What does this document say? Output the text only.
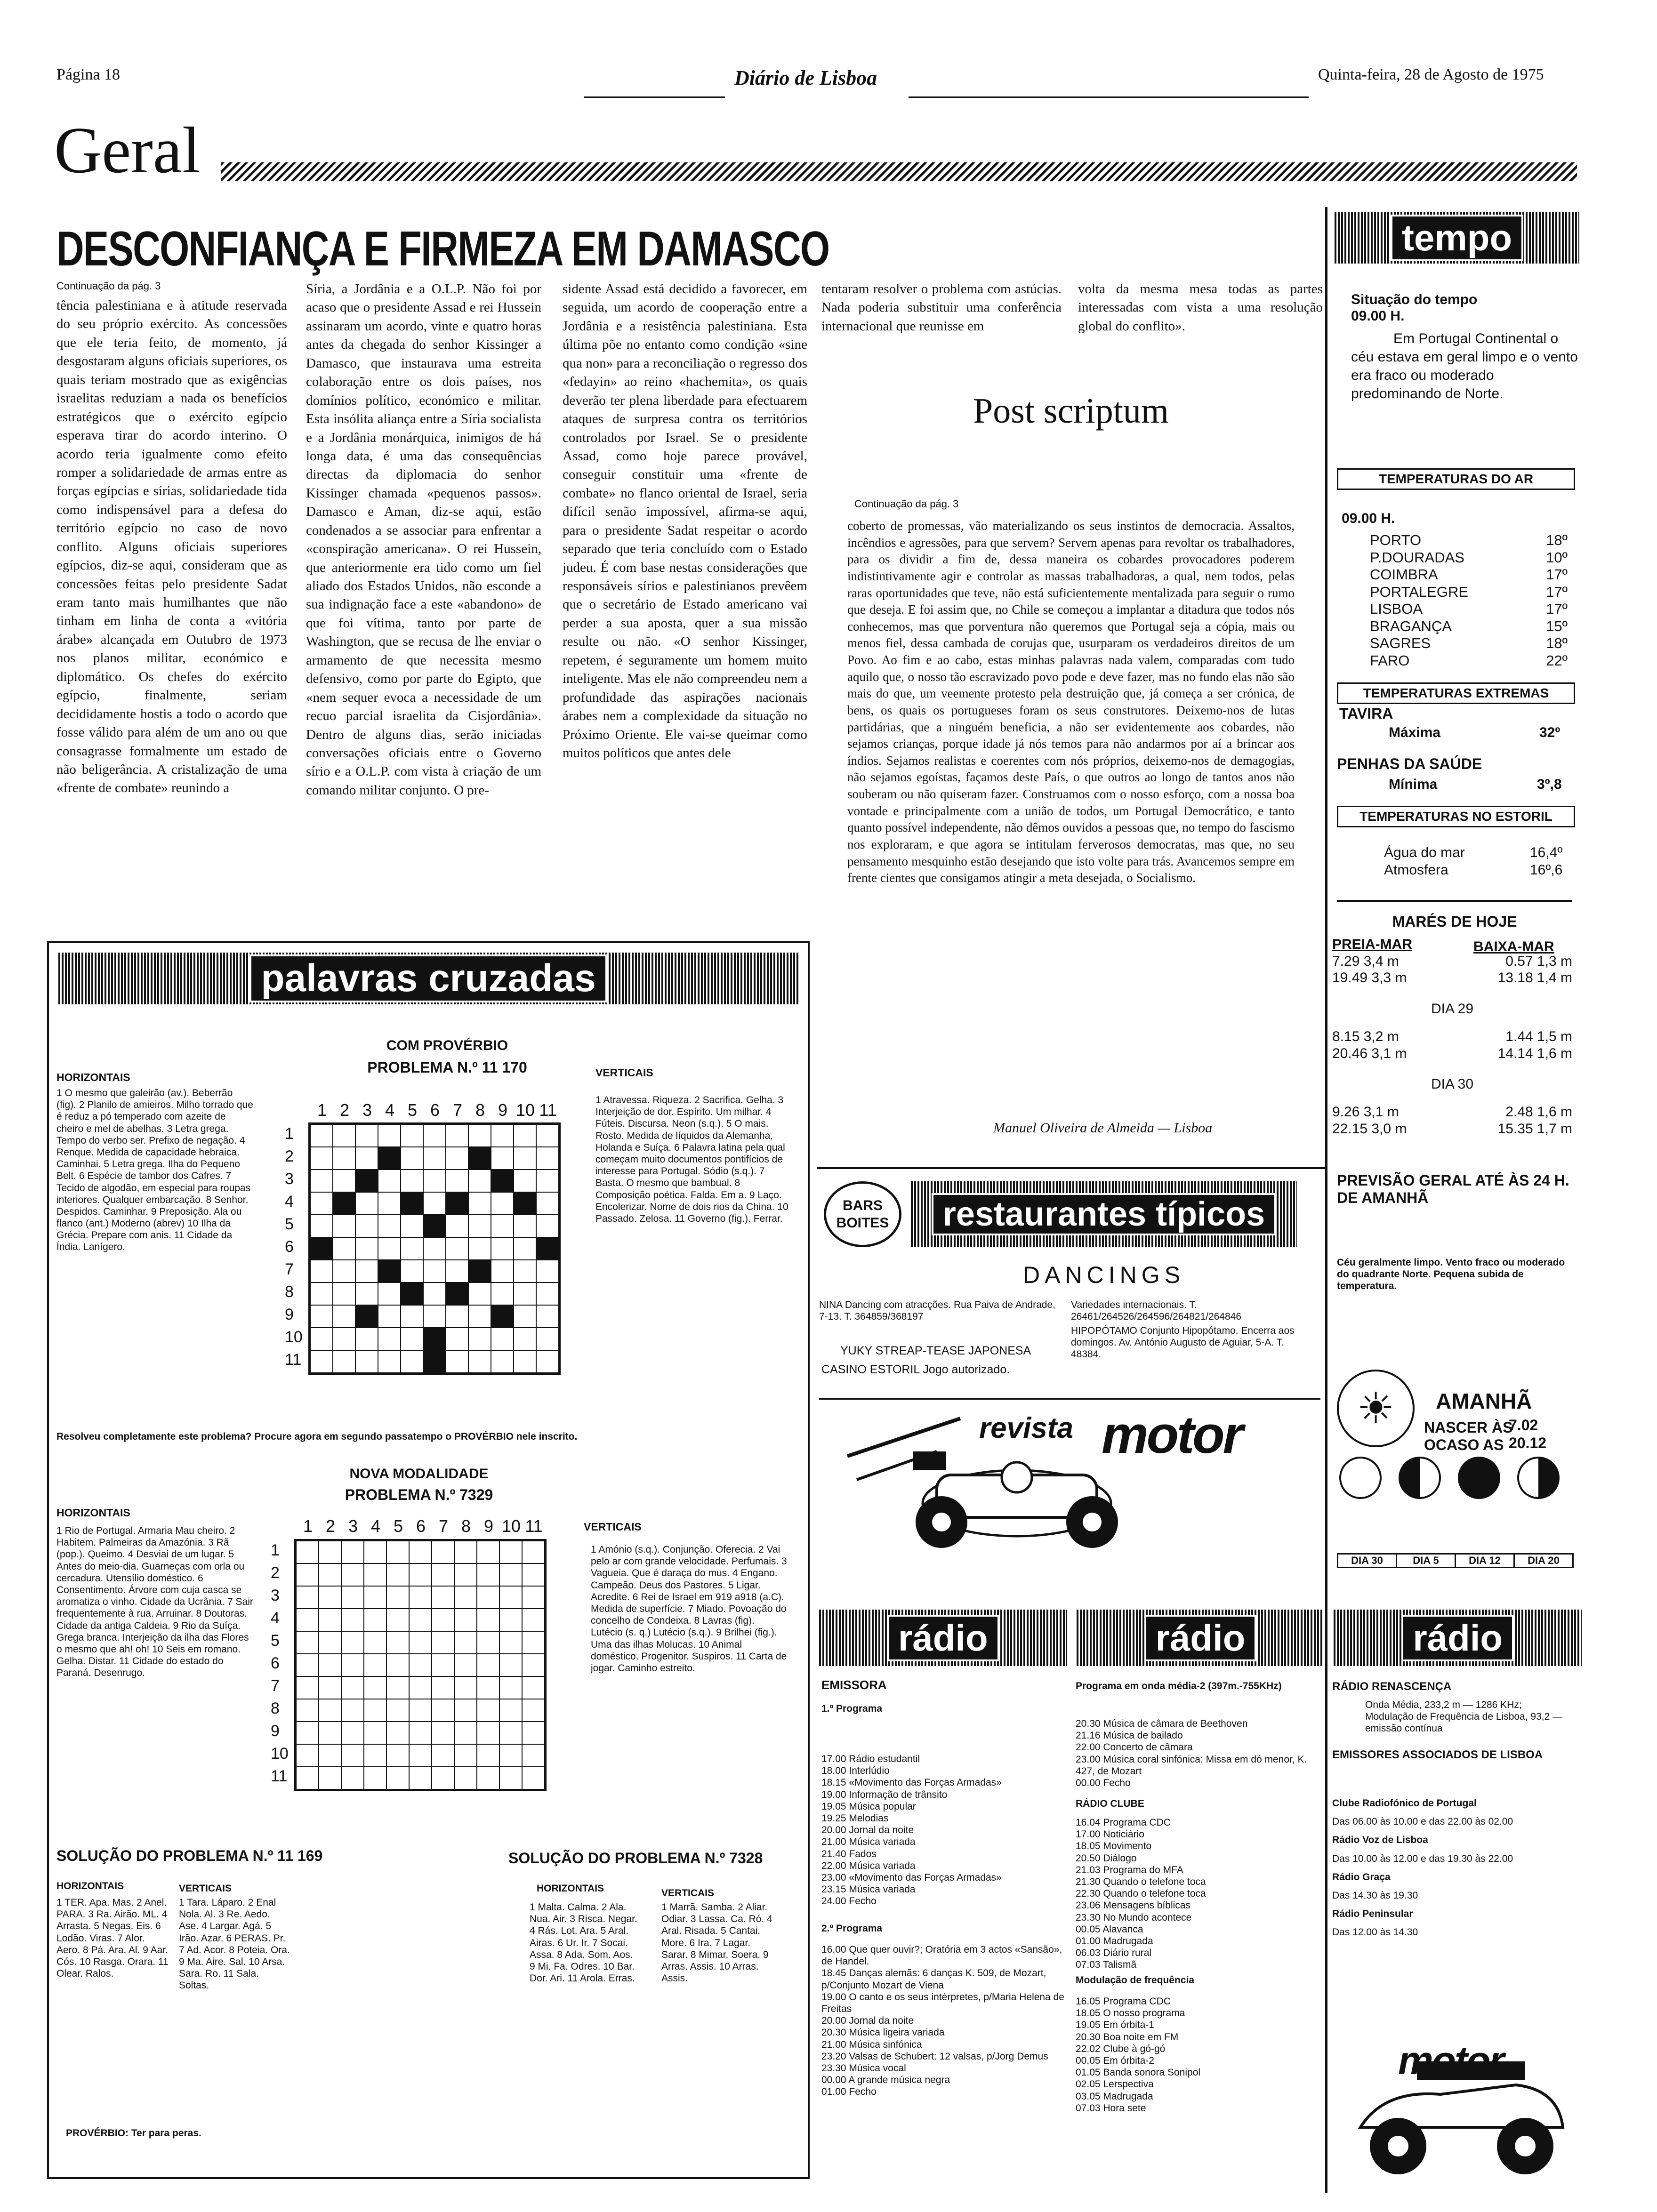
Página 18	Diário de Lisboa	Quinta-feira, 28 de Agosto de 1975
Geral
DESCONFIANÇA E FIRMEZA EM DAMASCO
Continuação da pág. 3
tência palestiniana e à atitude reservada do seu próprio exército. As concessões que ele teria feito, de momento, já desgostaram alguns oficiais superiores, os quais teriam mostrado que as exigências israelitas reduziam a nada os benefícios estratégicos que o exército egípcio esperava tirar do acordo interino. O acordo teria igualmente como efeito romper a solidariedade de armas entre as forças egípcias e sírias, solidariedade tida como indispensável para a defesa do território egípcio no caso de novo conflito. Alguns oficiais superiores egípcios, diz-se aqui, consideram que as concessões feitas pelo presidente Sadat eram tanto mais humilhantes que não tinham em linha de conta a «vitória árabe» alcançada em Outubro de 1973 nos planos militar, económico e diplomático. Os chefes do exército egípcio, finalmente, seriam decididamente hostis a todo o acordo que fosse válido para além de um ano ou que consagrasse formalmente um estado de não beligerância. A cristalização de uma «frente de combate» reunindo a
Síria, a Jordânia e a O.L.P. Não foi por acaso que o presidente Assad e rei Hussein assinaram um acordo, vinte e quatro horas antes da chegada do senhor Kissinger a Damasco, que instaurava uma estreita colaboração entre os dois países, nos domínios político, económico e militar. Esta insólita aliança entre a Síria socialista e a Jordânia monárquica, inimigos de há longa data, é uma das consequências directas da diplomacia do senhor Kissinger chamada «pequenos passos». Damasco e Aman, diz-se aqui, estão condenados a se associar para enfrentar a «conspiração americana». O rei Hussein, que anteriormente era tido como um fiel aliado dos Estados Unidos, não esconde a sua indignação face a este «abandono» de que foi vítima, tanto por parte de Washington, que se recusa de lhe enviar o armamento de que necessita mesmo defensivo, como por parte do Egipto, que «nem sequer evoca a necessidade de um recuo parcial israelita da Cisjordânia». Dentro de alguns dias, serão iniciadas conversações oficiais entre o Governo sírio e a O.L.P. com vista à criação de um comando militar conjunto. O pre-
sidente Assad está decidido a favorecer, em seguida, um acordo de cooperação entre a Jordânia e a resistência palestiniana. Esta última põe no entanto como condição «sine qua non» para a reconciliação o regresso dos «fedayin» ao reino «hachemita», os quais deverão ter plena liberdade para efectuarem ataques de surpresa contra os territórios controlados por Israel. Se o presidente Assad, como hoje parece provável, conseguir constituir uma «frente de combate» no flanco oriental de Israel, seria difícil senão impossível, afirma-se aqui, para o presidente Sadat respeitar o acordo separado que teria concluído com o Estado judeu. É com base nestas considerações que responsáveis sírios e palestinianos prevêem que o secretário de Estado americano vai perder a sua aposta, quer a sua missão resulte ou não. «O senhor Kissinger, repetem, é seguramente um homem muito inteligente. Mas ele não compreendeu nem a profundidade das aspirações nacionais árabes nem a complexidade da situação no Próximo Oriente. Ele vai-se queimar como muitos políticos que antes dele
tentaram resolver o problema com astúcias. Nada poderia substituir uma conferência internacional que reunisse em
volta da mesma mesa todas as partes interessadas com vista a uma resolução global do conflito».
Post scriptum
Continuação da pág. 3
coberto de promessas, vão materializando os seus instintos de democracia. Assaltos, incêndios e agressões, para que servem? Servem apenas para revoltar os trabalhadores, para os dividir a fim de, dessa maneira os cobardes provocadores poderem indistintivamente agir e controlar as massas trabalhadoras, a qual, nem todos, pelas raras oportunidades que teve, não está suficientemente mentalizada para seguir o rumo que deseja. E foi assim que, no Chile se começou a implantar a ditadura que todos nós conhecemos, mas que porventura não queremos que Portugal seja a cópia, mais ou menos fiel, dessa cambada de corujas que, usurparam os verdadeiros direitos de um Povo. Ao fim e ao cabo, estas minhas palavras nada valem, comparadas com tudo aquilo que, o nosso tão escravizado povo pode e deve fazer, mas no fundo elas não são mais do que, um veemente protesto pela destruição que, já começa a ser crónica, de bens, os quais os portugueses foram os seus construtores. Deixemo-nos de lutas partidárias, que a ninguém beneficia, a não ser evidentemente aos cobardes, não sejamos crianças, porque idade já nós temos para não andarmos por aí a brincar aos índios. Sejamos realistas e coerentes com nós próprios, deixemo-nos de demagogias, não sejamos egoístas, façamos deste País, o que outros ao longo de tantos anos não souberam ou não quiseram fazer. Construamos com o nosso esforço, com a nossa boa vontade e principalmente com a união de todos, um Portugal Democrático, e tanto quanto possível independente, não dêmos ouvidos a pessoas que, no tempo do fascismo nos exploraram, e que agora se intitulam ferverosos democratas, mas que, no seu pensamento mesquinho estão desejando que isto volte para trás. Avancemos sempre em frente cientes que consigamos atingir a meta desejada, o Socialismo.
Manuel Oliveira de Almeida — Lisboa
palavras cruzadas
COM PROVÉRBIO
PROBLEMA N.º 11 170
HORIZONTAIS
1 O mesmo que galeirão (av.). Beberrão (fig). 2 Planilo de amieiros. Milho torrado que é reduz a pó temperado com azeite de cheiro e mel de abelhas. 3 Letra grega. Tempo do verbo ser. Prefixo de negação. 4 Renque. Medida de capacidade hebraica. Caminhai. 5 Letra grega. Ilha do Pequeno Belt. 6 Espécie de tambor dos Cafres. 7 Tecido de algodão, em especial para roupas interiores. Qualquer embarcação. 8 Senhor. Despidos. Caminhar. 9 Preposição. Ala ou flanco (ant.) Moderno (abrev) 10 Ilha da Grécia. Prepare com anis. 11 Cidade da Índia. Lanígero.
VERTICAIS
1 Atravessa. Riqueza. 2 Sacrifica. Gelha. 3 Interjeição de dor. Espírito. Um milhar. 4 Fúteis. Discursa. Neon (s.q.). 5 O mais. Rosto. Medida de líquidos da Alemanha, Holanda e Suíça. 6 Palavra latina pela qual começam muito documentos pontifícios de interesse para Portugal. Sódio (s.q.). 7 Basta. O mesmo que bambual. 8 Composição poética. Falda. Em a. 9 Laço. Encolerizar. Nome de dois rios da China. 10 Passado. Zelosa. 11 Governo (fig.). Ferrar.
1 2 3 4 5 6 7 8 9 10 11
1
2
3
4
5
6
7
8
9
10
11
Resolveu completamente este problema? Procure agora em segundo passatempo o PROVÉRBIO nele inscrito.
NOVA MODALIDADE
PROBLEMA N.º 7329
HORIZONTAIS
1 Rio de Portugal. Armaria Mau cheiro. 2 Habitem. Palmeiras da Amazónia. 3 Rã (pop.). Queimo. 4 Desviai de um lugar. 5 Antes do meio-dia. Guarneças com orla ou cercadura. Utensílio doméstico. 6 Consentimento. Árvore com cuja casca se aromatiza o vinho. Cidade da Ucrânia. 7 Sair frequentemente à rua. Arruinar. 8 Doutoras. Cidade da antiga Caldeia. 9 Rio da Suíça. Grega branca. Interjeição da ilha das Flores o mesmo que ah! oh! 10 Seis em romano. Gelha. Distar. 11 Cidade do estado do Paraná. Desenrugo.
VERTICAIS
1 Amónio (s.q.). Conjunção. Oferecia. 2 Vai pelo ar com grande velocidade. Perfumais. 3 Vagueia. Que é daraça do mus. 4 Engano. Campeão. Deus dos Pastores. 5 Ligar. Acredite. 6 Rei de Israel em 919 a918 (a.C). Medida de superfície. 7 Miado. Povoação do concelho de Condeixa. 8 Lavras (fig). Lutécio (s. q.) Lutécio (s.q.). 9 Brilhei (fig.). Uma das ilhas Molucas. 10 Animal doméstico. Progenitor. Suspiros. 11 Carta de jogar. Caminho estreito.
1 2 3 4 5 6 7 8 9 10 11
1
2
3
4
5
6
7
8
9
10
11
SOLUÇÃO DO PROBLEMA N.º 11 169
HORIZONTAIS
1 TER. Apa. Mas. 2 Anel. PARA. 3 Ra. Airão. ML. 4 Arrasta. 5 Negas. Eis. 6 Lodão. Viras. 7 Alor. Aero. 8 Pá. Ara. Al. 9 Aar. Cós. 10 Rasga. Orara. 11 Olear. Ralos.
VERTICAIS
1 Tara. Láparo. 2 Enal Nola. Al. 3 Re. Aedo. Ase. 4 Largar. Agá. 5 Irão. Azar. 6 PERAS. Pr. 7 Ad. Acor. 8 Poteia. Ora. 9 Ma. Aire. Sal. 10 Arsa. Sara. Ro. 11 Sala. Soltas.
PROVÉRBIO: Ter para peras.
SOLUÇÃO DO PROBLEMA N.º 7328
HORIZONTAIS
1 Malta. Calma. 2 Ala. Nua. Air. 3 Risca. Negar. 4 Rás. Lot. Ara. 5 Aral. Airas. 6 Ur. Ir. 7 Socai. Assa. 8 Ada. Som. Aos. 9 Mi. Fa. Odres. 10 Bar. Dor. Ari. 11 Arola. Erras.
VERTICAIS
1 Marrã. Samba. 2 Aliar. Odiar. 3 Lassa. Ca. Ró. 4 Aral. Risada. 5 Cantai. More. 6 Ira. 7 Lagar. Sarar. 8 Mimar. Soera. 9 Arras. Assis. 10 Arras. Assis.
tempo
Situação do tempo
09.00 H.
Em Portugal Continental o céu estava em geral limpo e o vento era fraco ou moderado predominando de Norte.
TEMPERATURAS DO AR
09.00 H.
PORTO	18º
P.DOURADAS	10º
COIMBRA	17º
PORTALEGRE	17º
LISBOA	17º
BRAGANÇA	15º
SAGRES	18º
FARO	22º
TEMPERATURAS EXTREMAS
TAVIRA
Máxima	32º
PENHAS DA SAÚDE
Mínima	3º,8
TEMPERATURAS NO ESTORIL
Água do mar	16,4º
Atmosfera	16º,6
MARÉS DE HOJE
PREIA-MAR	BAIXA-MAR
7.29 3,4 m	0.57 1,3 m
19.49 3,3 m	13.18 1,4 m
DIA 29
8.15 3,2 m	1.44 1,5 m
20.46 3,1 m	14.14 1,6 m
DIA 30
9.26 3,1 m	2.48 1,6 m
22.15 3,0 m	15.35 1,7 m
PREVISÃO GERAL ATÉ ÀS 24 H. DE AMANHÃ
Céu geralmente limpo. Vento fraco ou moderado do quadrante Norte. Pequena subida de temperatura.
☀	AMANHÃ
NASCER ÀS
7.02
OCASO AS 20.12
DIA 30	DIA 5	DIA 12	DIA 20
BARS
BOITES	restaurantes típicos
DANCINGS
NINA Dancing com atracções. Rua Paiva de Andrade, 7-13. T. 364859/368197
YUKY STREAP-TEASE JAPONESA
CASINO ESTORIL Jogo autorizado.
Variedades internacionais. T. 26461/264526/264596/264821/264846
HIPOPÓTAMO Conjunto Hipopótamo. Encerra aos domingos. Av. António Augusto de Aguiar, 5-A. T. 48384.
revista motor
rádio	rádio	rádio
EMISSORA
1.º Programa
17.00 Rádio estudantil
18.00 Interlúdio
18.15 «Movimento das Forças Armadas»
19.00 Informação de trânsito
19.05 Música popular
19.25 Melodias
20.00 Jornal da noite
21.00 Música variada
21.40 Fados
22.00 Música variada
23.00 «Movimento das Forças Armadas»
23.15 Música variada
24.00 Fecho
2.º Programa
16.00 Que quer ouvir?; Oratória em 3 actos «Sansão», de Handel.
18.45 Danças alemãs: 6 danças K. 509, de Mozart, p/Conjunto Mozart de Viena
19.00 O canto e os seus intérpretes, p/Maria Helena de Freitas
20.00 Jornal da noite
20.30 Música ligeira variada
21.00 Música sinfónica
23.20 Valsas de Schubert: 12 valsas, p/Jorg Demus
23.30 Música vocal
00.00 A grande música negra
01.00 Fecho
Programa em onda média-2 (397m.-755KHz)
20.30 Música de câmara de Beethoven
21.16 Música de bailado
22.00 Concerto de câmara
23.00 Música coral sinfónica: Missa em dó menor, K. 427, de Mozart
00.00 Fecho
RÁDIO CLUBE
16.04 Programa CDC
17.00 Noticiário
18.05 Movimento
20.50 Diálogo
21.03 Programa do MFA
21.30 Quando o telefone toca
22.30 Quando o telefone toca
23.06 Mensagens bíblicas
23.30 No Mundo acontece
00.05 Alavanca
01.00 Madrugada
06.03 Diário rural
07.03 Talismã
Modulação de frequência
16.05 Programa CDC
18.05 O nosso programa
19.05 Em órbita-1
20.30 Boa noite em FM
22.02 Clube à gó-gó
00.05 Em órbita-2
01.05 Banda sonora Sonipol
02.05 Lerspectiva
03.05 Madrugada
07.03 Hora sete
RÁDIO RENASCENÇA
Onda Média, 233,2 m — 1286 KHz; Modulação de Frequência de Lisboa, 93,2 — emissão contínua
EMISSORES ASSOCIADOS DE LISBOA
Clube Radiofónico de Portugal
Das 06.00 às 10.00 e das 22.00 às 02.00
Rádio Voz de Lisboa
Das 10.00 às 12.00 e das 19.30 às 22.00
Rádio Graça
Das 14.30 às 19.30
Rádio Peninsular
Das 12.00 às 14.30
motor
